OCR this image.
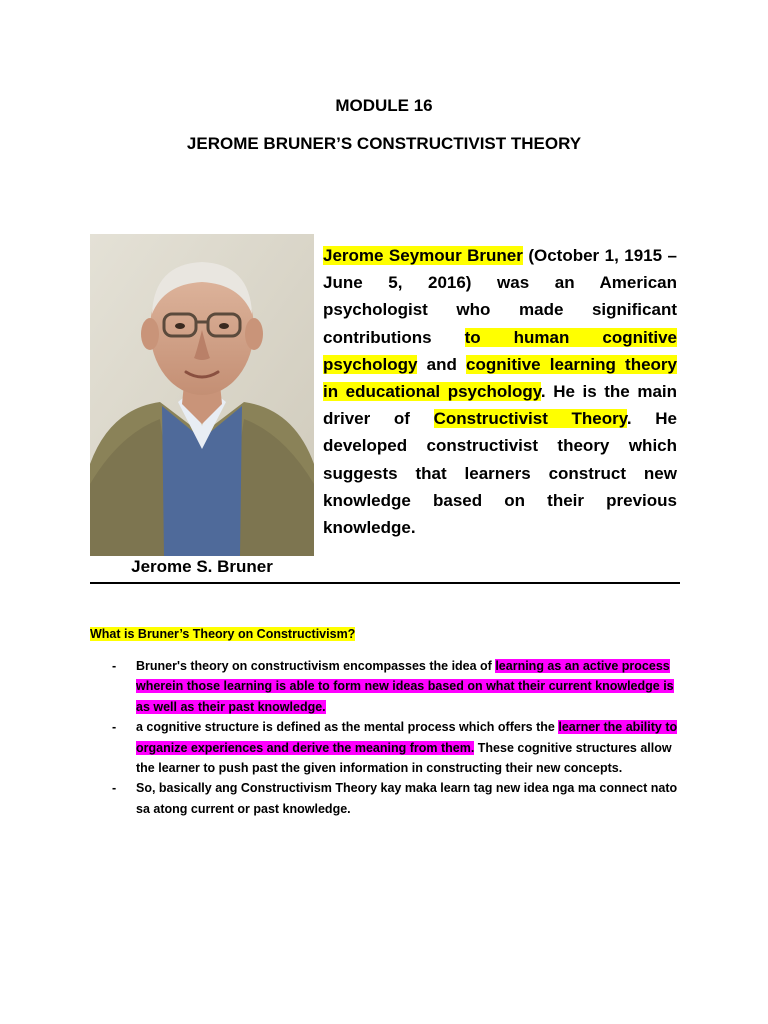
MODULE 16

JEROME BRUNER’S CONSTRUCTIVIST THEORY

Jerome S. Bruner

Jerome Seymour Bruner (October 1, 1915 – June 5, 2016) was an American psychologist who made significant contributions to human cognitive psychology and cognitive learning theory in educational psychology. He is the main driver of Constructivist Theory. He developed constructivist theory which suggests that learners construct new knowledge based on their previous knowledge.

What is Bruner’s Theory on Constructivism?

- Bruner's theory on constructivism encompasses the idea of learning as an active process wherein those learning is able to form new ideas based on what their current knowledge is as well as their past knowledge.
- a cognitive structure is defined as the mental process which offers the learner the ability to organize experiences and derive the meaning from them. These cognitive structures allow the learner to push past the given information in constructing their new concepts.
- So, basically ang Constructivism Theory kay maka learn tag new idea nga ma connect nato sa atong current or past knowledge.
